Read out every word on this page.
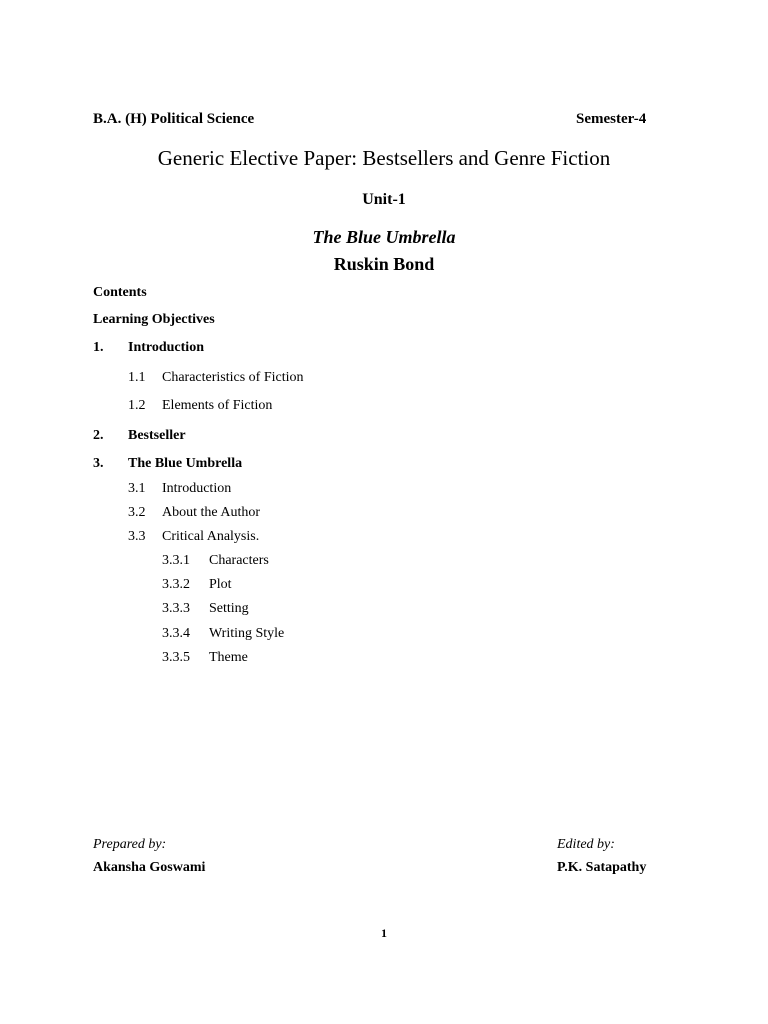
B.A. (H) Political Science	Semester-4
Generic Elective Paper: Bestsellers and Genre Fiction
Unit-1
The Blue Umbrella
Ruskin Bond
Contents
Learning Objectives
1. Introduction
1.1 Characteristics of Fiction
1.2 Elements of Fiction
2. Bestseller
3. The Blue Umbrella
3.1 Introduction
3.2 About the Author
3.3 Critical Analysis.
3.3.1 Characters
3.3.2 Plot
3.3.3 Setting
3.3.4 Writing Style
3.3.5 Theme
Prepared by:
Akansha Goswami
Edited by:
P.K. Satapathy
1
